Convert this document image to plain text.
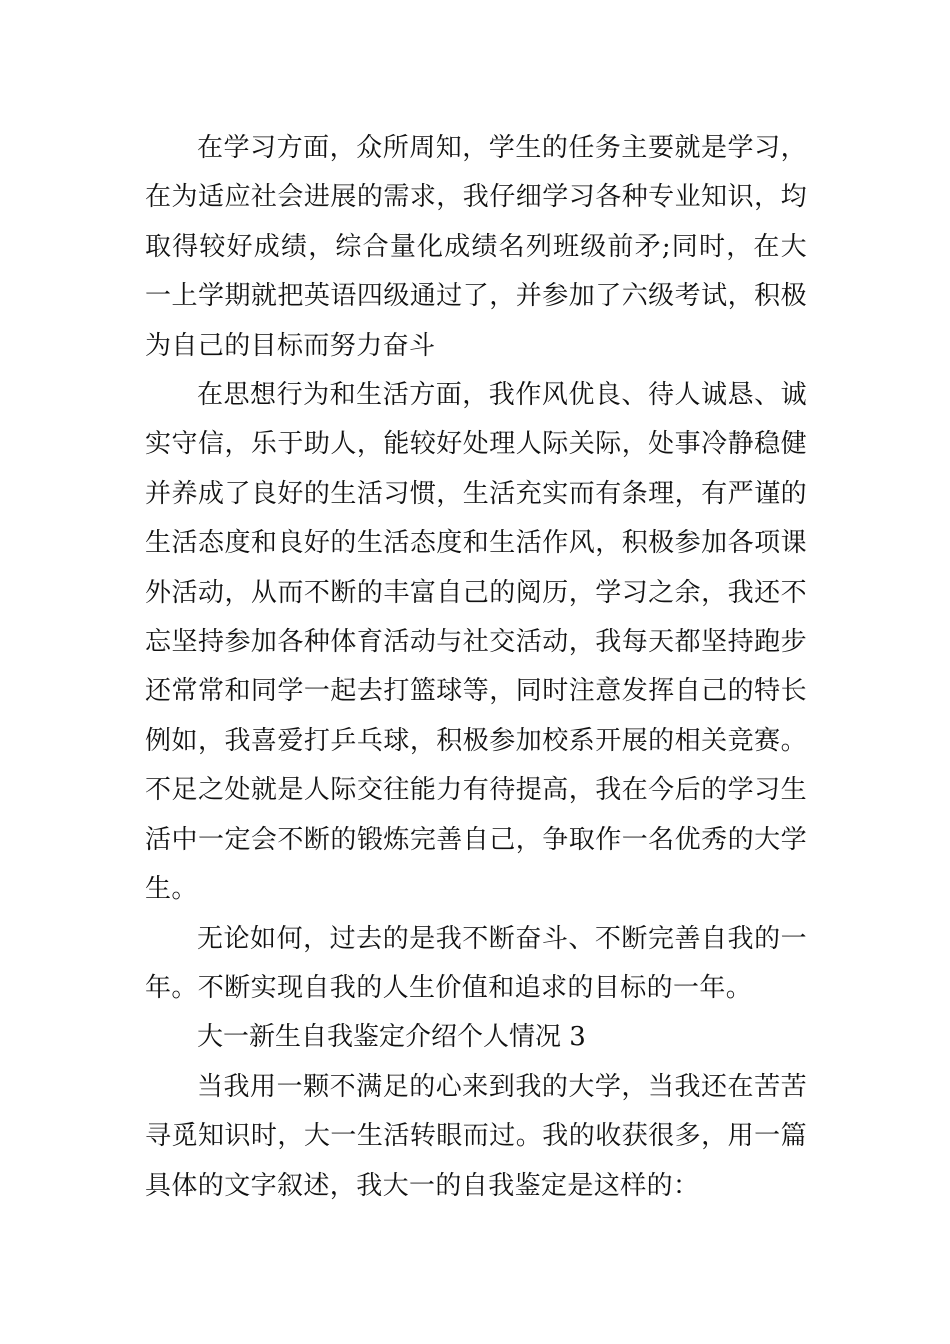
在学习方面，众所周知，学生的任务主要就是学习，在为适应社会进展的需求，我仔细学习各种专业知识，均取得较好成绩，综合量化成绩名列班级前矛;同时，在大一上学期就把英语四级通过了，并参加了六级考试，积极为自己的目标而努力奋斗

在思想行为和生活方面，我作风优良、待人诚恳、诚实守信，乐于助人，能较好处理人际关际，处事冷静稳健并养成了良好的生活习惯，生活充实而有条理，有严谨的生活态度和良好的生活态度和生活作风，积极参加各项课外活动，从而不断的丰富自己的阅历，学习之余，我还不忘坚持参加各种体育活动与社交活动，我每天都坚持跑步还常常和同学一起去打篮球等，同时注意发挥自己的特长例如，我喜爱打乒乓球，积极参加校系开展的相关竞赛。不足之处就是人际交往能力有待提高，我在今后的学习生活中一定会不断的锻炼完善自己，争取作一名优秀的大学生。

无论如何，过去的是我不断奋斗、不断完善自我的一年。不断实现自我的人生价值和追求的目标的一年。

大一新生自我鉴定介绍个人情况 3

当我用一颗不满足的心来到我的大学，当我还在苦苦寻觅知识时，大一生活转眼而过。我的收获很多，用一篇具体的文字叙述，我大一的自我鉴定是这样的：
